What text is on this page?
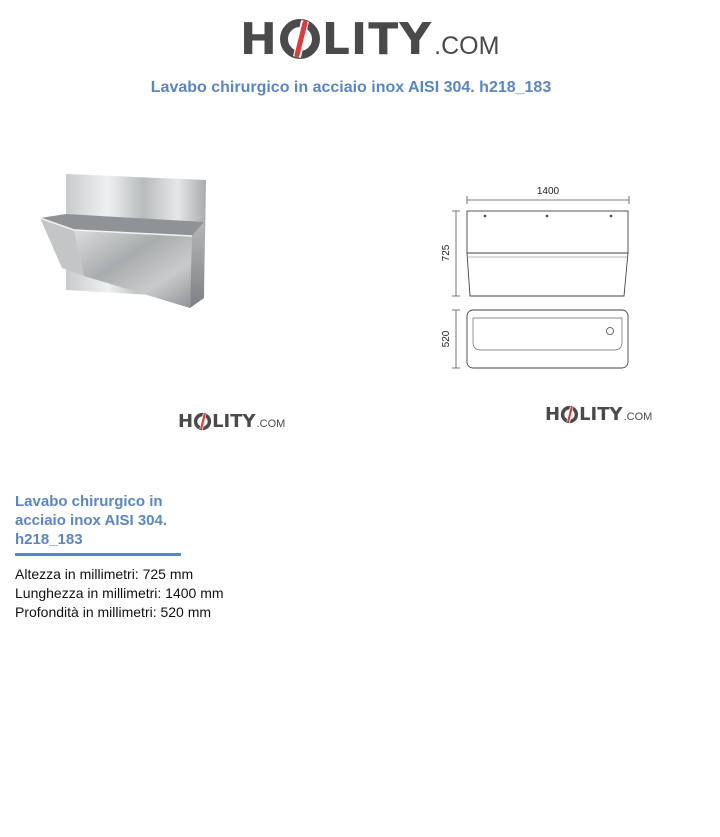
H LITY .COM
Lavabo chirurgico in acciaio inox AISI 304. h218_183
H LITY .COM
1400
725
520
H LITY .COM
Lavabo chirurgico in acciaio inox AISI 304. h218_183
Altezza in millimetri: 725 mm
Lunghezza in millimetri: 1400 mm
Profondità in millimetri: 520 mm
